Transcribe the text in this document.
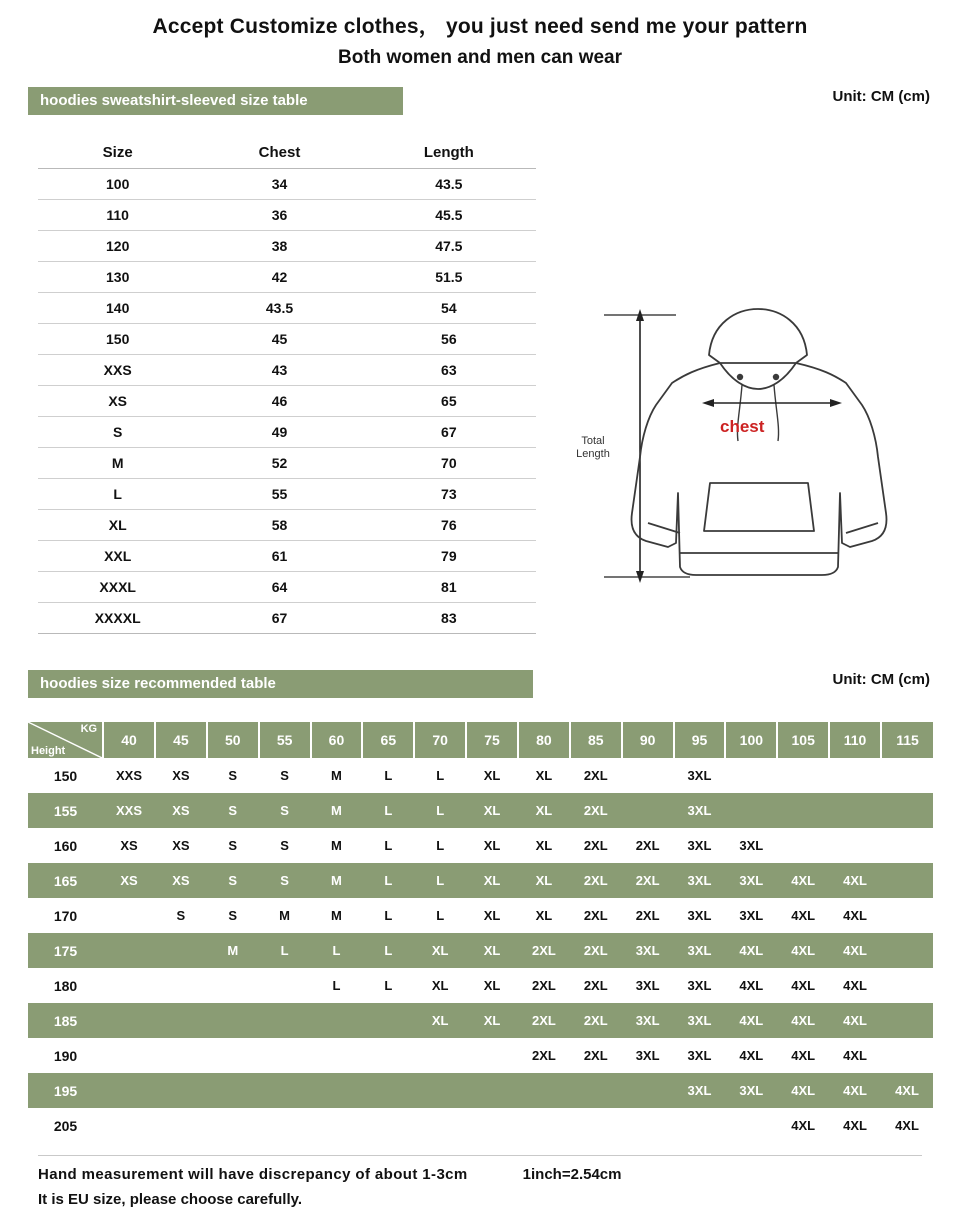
Accept Customize clothes， you just need send me your pattern
Both women and men can wear
hoodies sweatshirt-sleeved size table	Unit: CM (cm)
Size	Chest	Length
100	34	43.5
110	36	45.5
120	38	47.5
130	42	51.5
140	43.5	54
150	45	56
XXS	43	63
XS	46	65
S	49	67
M	52	70
L	55	73
XL	58	76
XXL	61	79
XXXL	64	81
XXXXL	67	83
chest
Total
Length
hoodies size recommended table	Unit: CM (cm)
KG
Height	40	45	50	55	60	65	70	75	80	85	90	95	100	105	110	115
150	XXS	XS	S	S	M	L	L	XL	XL	2XL		3XL				
155	XXS	XS	S	S	M	L	L	XL	XL	2XL		3XL				
160	XS	XS	S	S	M	L	L	XL	XL	2XL	2XL	3XL	3XL			
165	XS	XS	S	S	M	L	L	XL	XL	2XL	2XL	3XL	3XL	4XL	4XL	
170		S	S	M	M	L	L	XL	XL	2XL	2XL	3XL	3XL	4XL	4XL	
175			M	L	L	L	XL	XL	2XL	2XL	3XL	3XL	4XL	4XL	4XL	
180					L	L	XL	XL	2XL	2XL	3XL	3XL	4XL	4XL	4XL	
185							XL	XL	2XL	2XL	3XL	3XL	4XL	4XL	4XL	
190									2XL	2XL	3XL	3XL	4XL	4XL	4XL	
195												3XL	3XL	4XL	4XL	4XL
205														4XL	4XL	4XL
Hand measurement will have discrepancy of about 1-3cm	1inch=2.54cm
It is EU size, please choose carefully.
